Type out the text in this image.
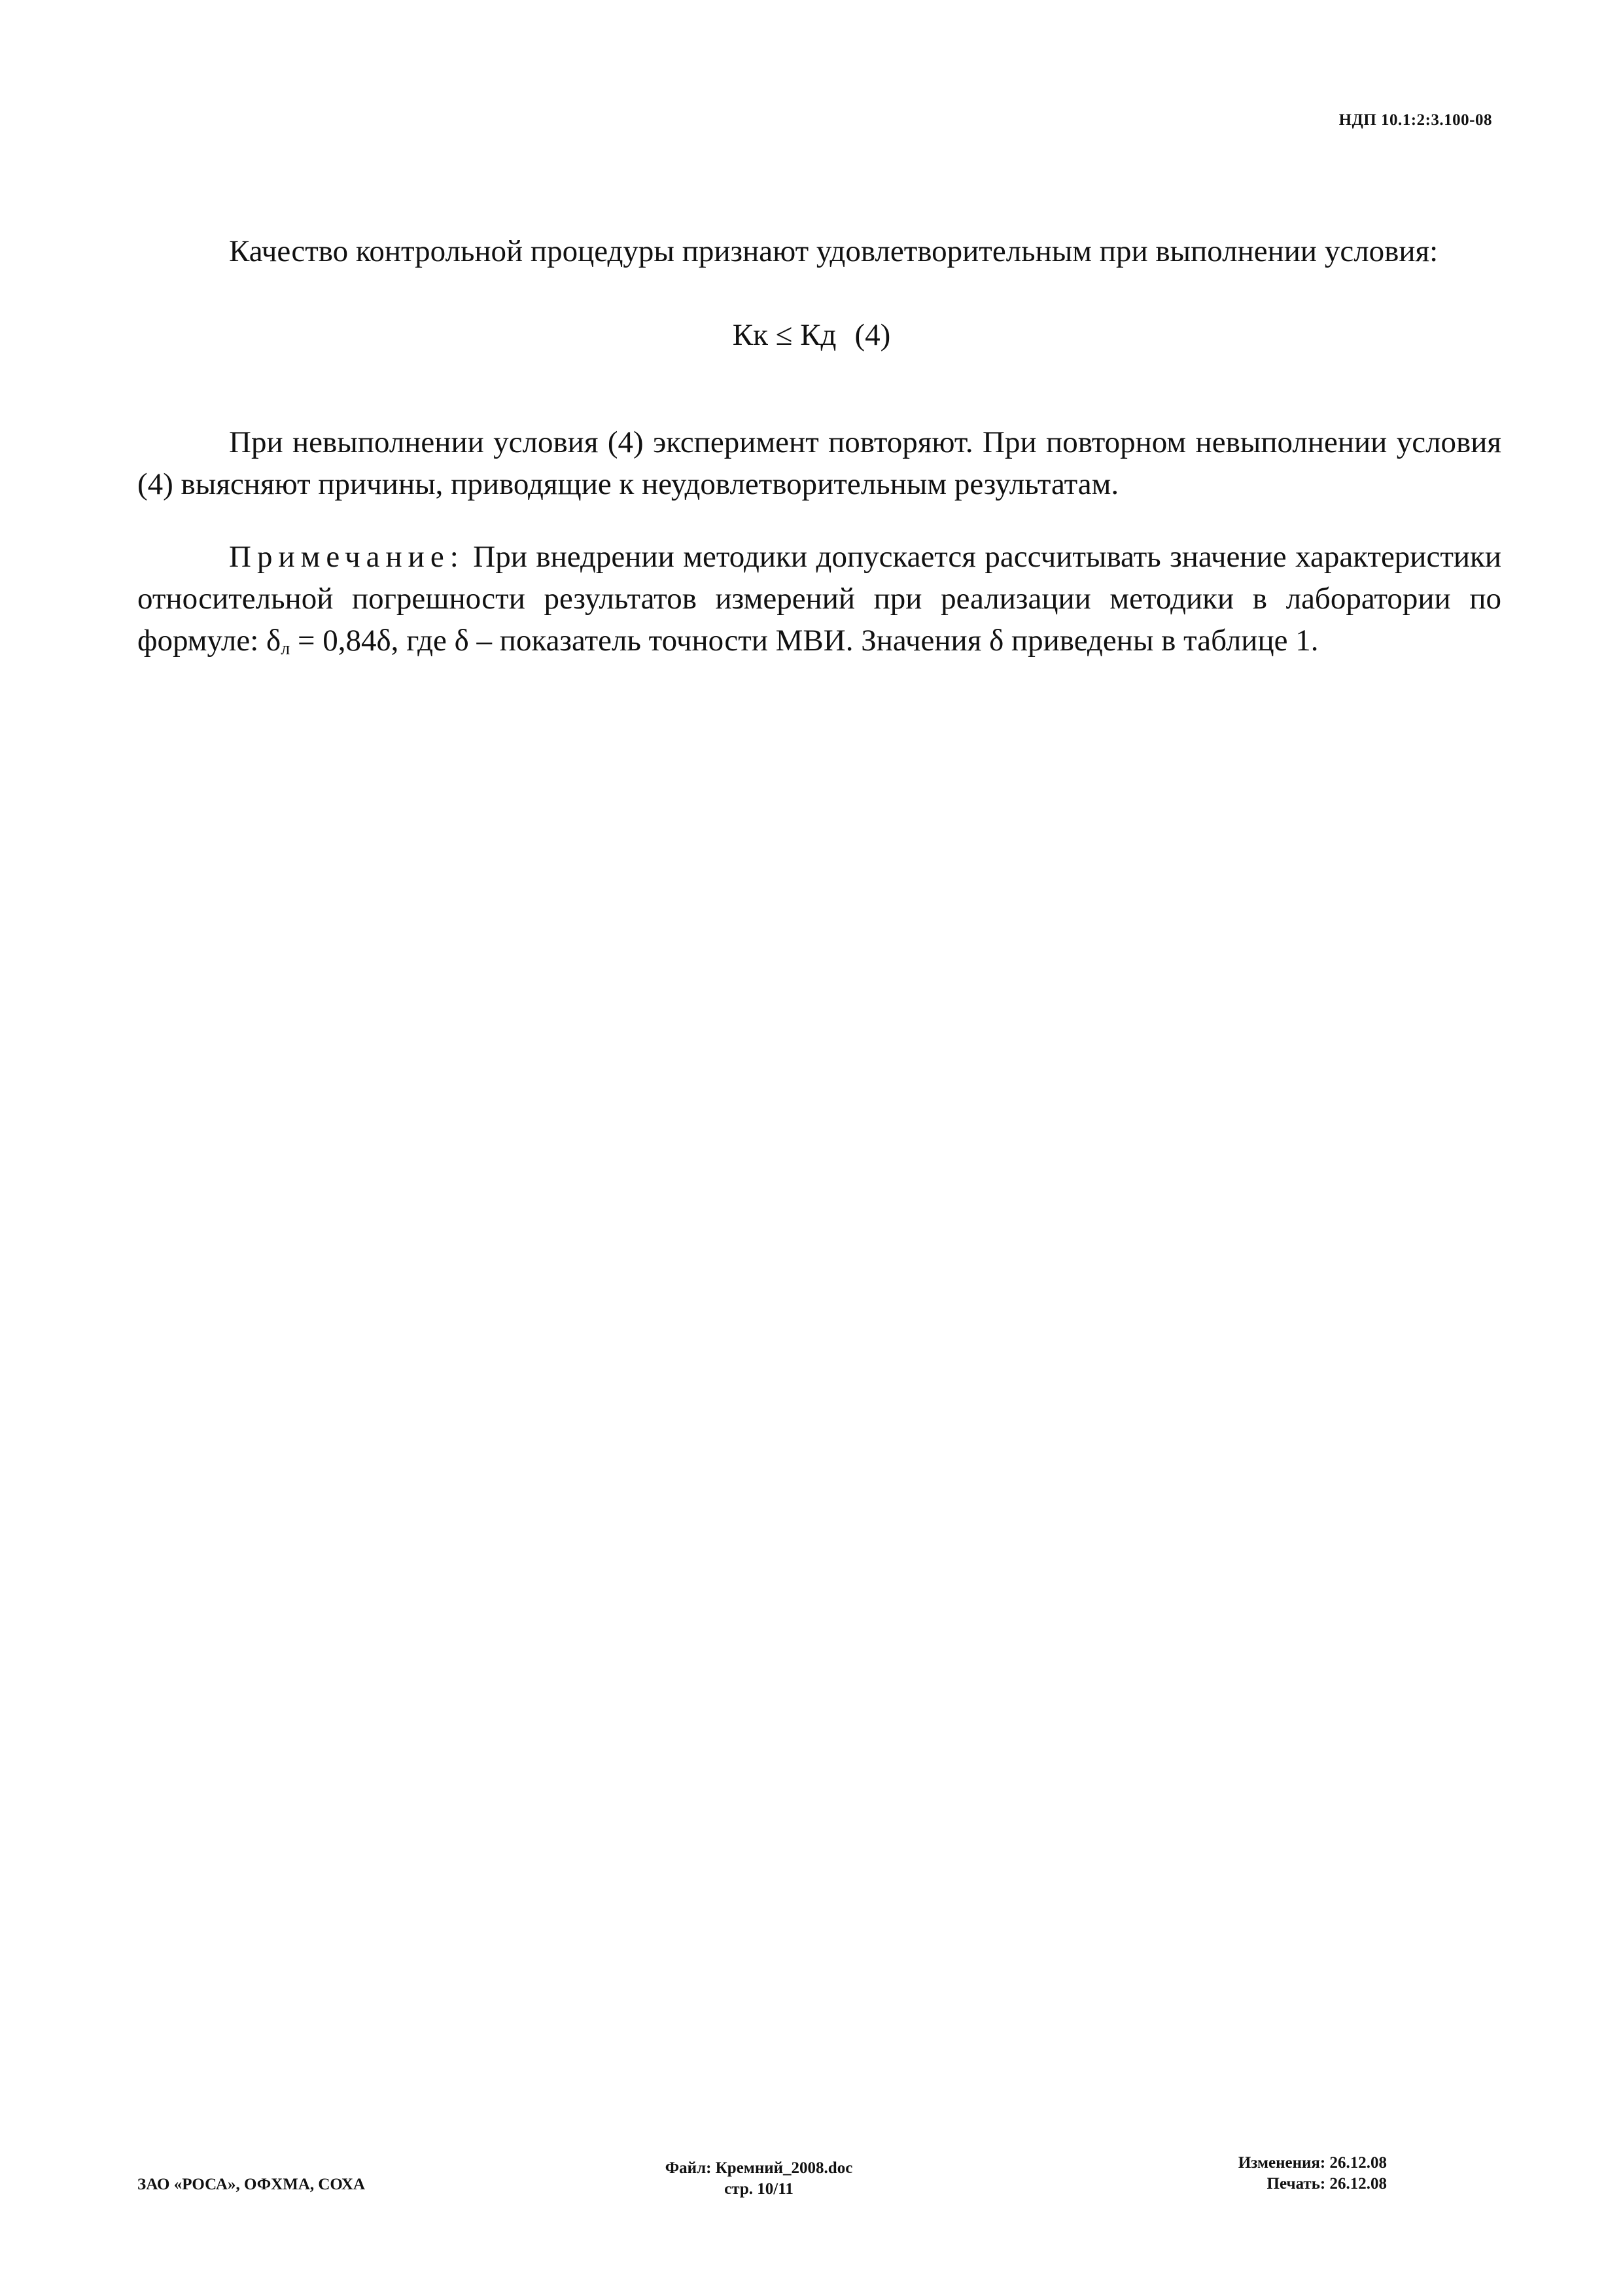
НДП 10.1:2:3.100-08

Качество контрольной процедуры признают удовлетворительным при выполнении условия:

Кк ≤ Кд (4)

При невыполнении условия (4) эксперимент повторяют. При повторном невыполнении условия (4) выясняют причины, приводящие к неудовлетворительным результатам.

Примечание: При внедрении методики допускается рассчитывать значение характеристики относительной погрешности результатов измерений при реализации методики в лаборатории по формуле: $\delta_л = 0,84\delta$, где δ – показатель точности МВИ. Значения δ приведены в таблице 1.

ЗАО «РОСА», ОФХМА, СОХА
Файл: Кремний_2008.doc
стр. 10/11
Изменения: 26.12.08
Печать: 26.12.08
